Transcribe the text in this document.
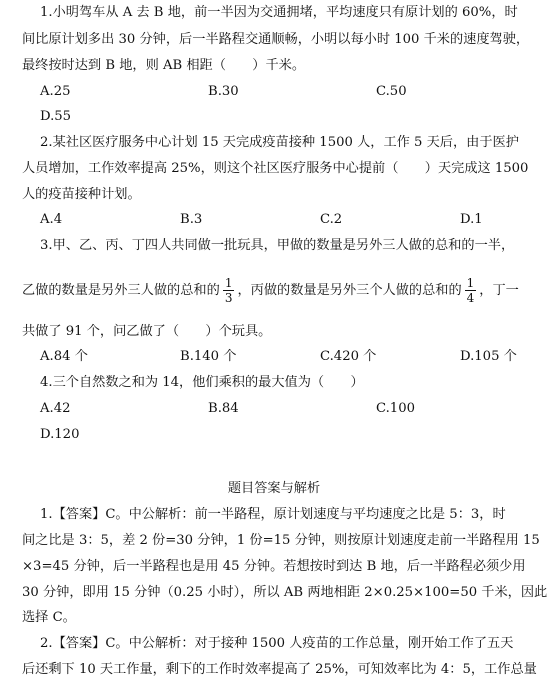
1.小明驾车从 A 去 B 地，前一半因为交通拥堵，平均速度只有原计划的 60%，时
间比原计划多出 30 分钟，后一半路程交通顺畅，小明以每小时 100 千米的速度驾驶，
最终按时达到 B 地，则 AB 相距（　　）千米。
A.25	B.30	C.50
D.55
2.某社区医疗服务中心计划 15 天完成疫苗接种 1500 人，工作 5 天后，由于医护
人员增加，工作效率提高 25%，则这个社区医疗服务中心提前（　　）天完成这 1500
人的疫苗接种计划。
A.4	B.3	C.2	D.1
3.甲、乙、丙、丁四人共同做一批玩具，甲做的数量是另外三人做的总和的一半，
乙做的数量是另外三人做的总和的 $\frac{1}{3}$ ，丙做的数量是另外三个人做的总和的 $\frac{1}{4}$ ，丁一
共做了 91 个，问乙做了（　　）个玩具。
A.84 个	B.140 个	C.420 个	D.105 个
4.三个自然数之和为 14，他们乘积的最大值为（　　）
A.42	B.84	C.100
D.120
题目答案与解析
1.【答案】C。中公解析：前一半路程，原计划速度与平均速度之比是 5：3，时
间之比是 3：5，差 2 份=30 分钟，1 份=15 分钟，则按原计划速度走前一半路程用 15
×3=45 分钟，后一半路程也是用 45 分钟。若想按时到达 B 地，后一半路程必须少用
30 分钟，即用 15 分钟（0.25 小时），所以 AB 两地相距 2×0.25×100=50 千米，因此
选择 C。
2.【答案】C。中公解析：对于接种 1500 人疫苗的工作总量，刚开始工作了五天
后还剩下 10 天工作量，剩下的工作时效率提高了 25%，可知效率比为 4：5，工作总量
